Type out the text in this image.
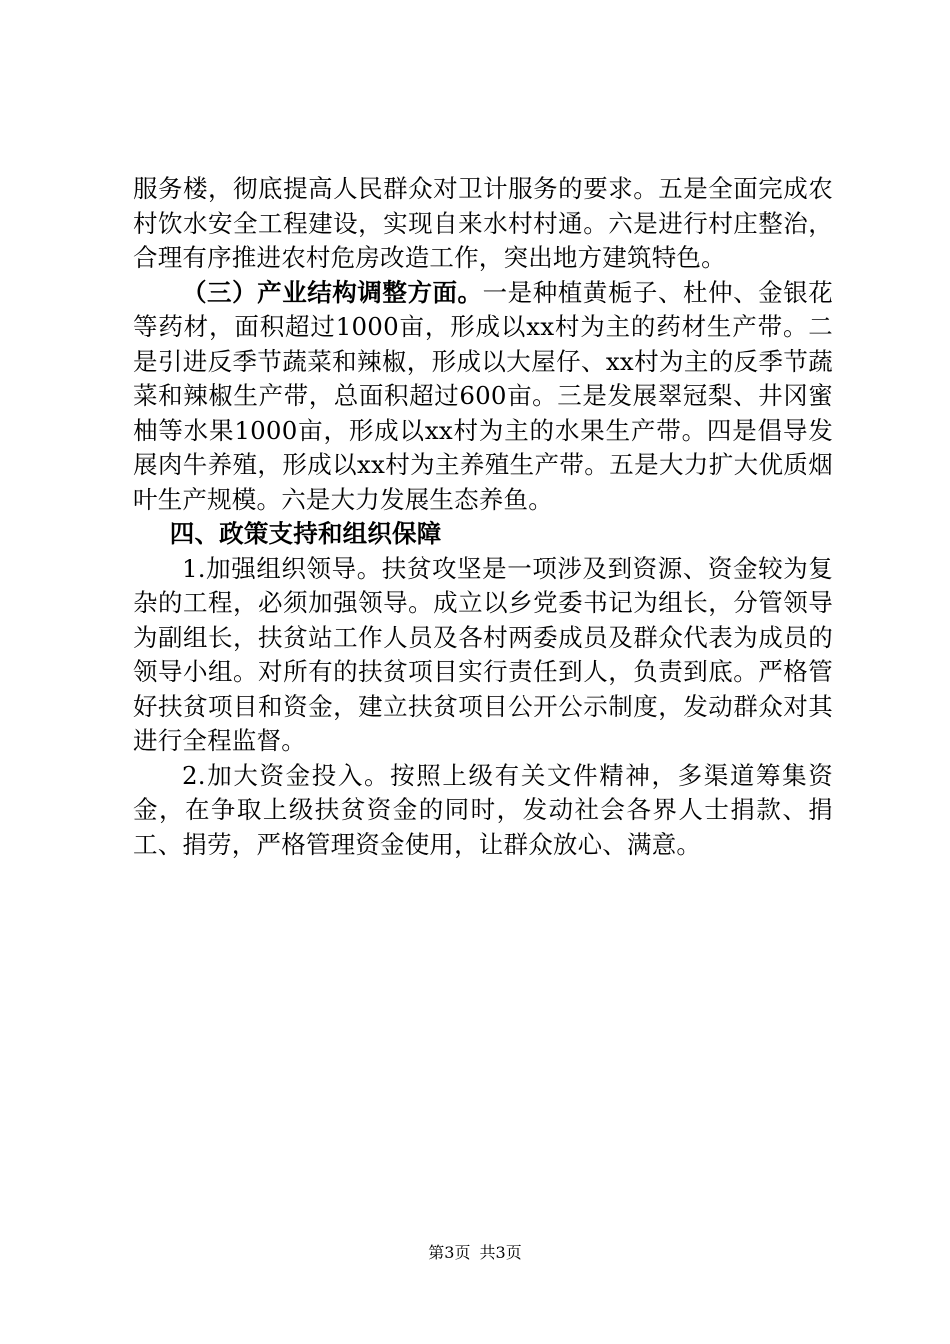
服务楼，彻底提高人民群众对卫计服务的要求。五是全面完成农村饮水安全工程建设，实现自来水村村通。六是进行村庄整治，合理有序推进农村危房改造工作，突出地方建筑特色。

（三）产业结构调整方面。一是种植黄栀子、杜仲、金银花等药材，面积超过1000亩，形成以xx村为主的药材生产带。二是引进反季节蔬菜和辣椒，形成以大屋仔、xx村为主的反季节蔬菜和辣椒生产带，总面积超过600亩。三是发展翠冠梨、井冈蜜柚等水果1000亩，形成以xx村为主的水果生产带。四是倡导发展肉牛养殖，形成以xx村为主养殖生产带。五是大力扩大优质烟叶生产规模。六是大力发展生态养鱼。

四、政策支持和组织保障

1.加强组织领导。扶贫攻坚是一项涉及到资源、资金较为复杂的工程，必须加强领导。成立以乡党委书记为组长，分管领导为副组长，扶贫站工作人员及各村两委成员及群众代表为成员的领导小组。对所有的扶贫项目实行责任到人，负责到底。严格管好扶贫项目和资金，建立扶贫项目公开公示制度，发动群众对其进行全程监督。

2.加大资金投入。按照上级有关文件精神，多渠道筹集资金，在争取上级扶贫资金的同时，发动社会各界人士捐款、捐工、捐劳，严格管理资金使用，让群众放心、满意。

第3页 共3页
